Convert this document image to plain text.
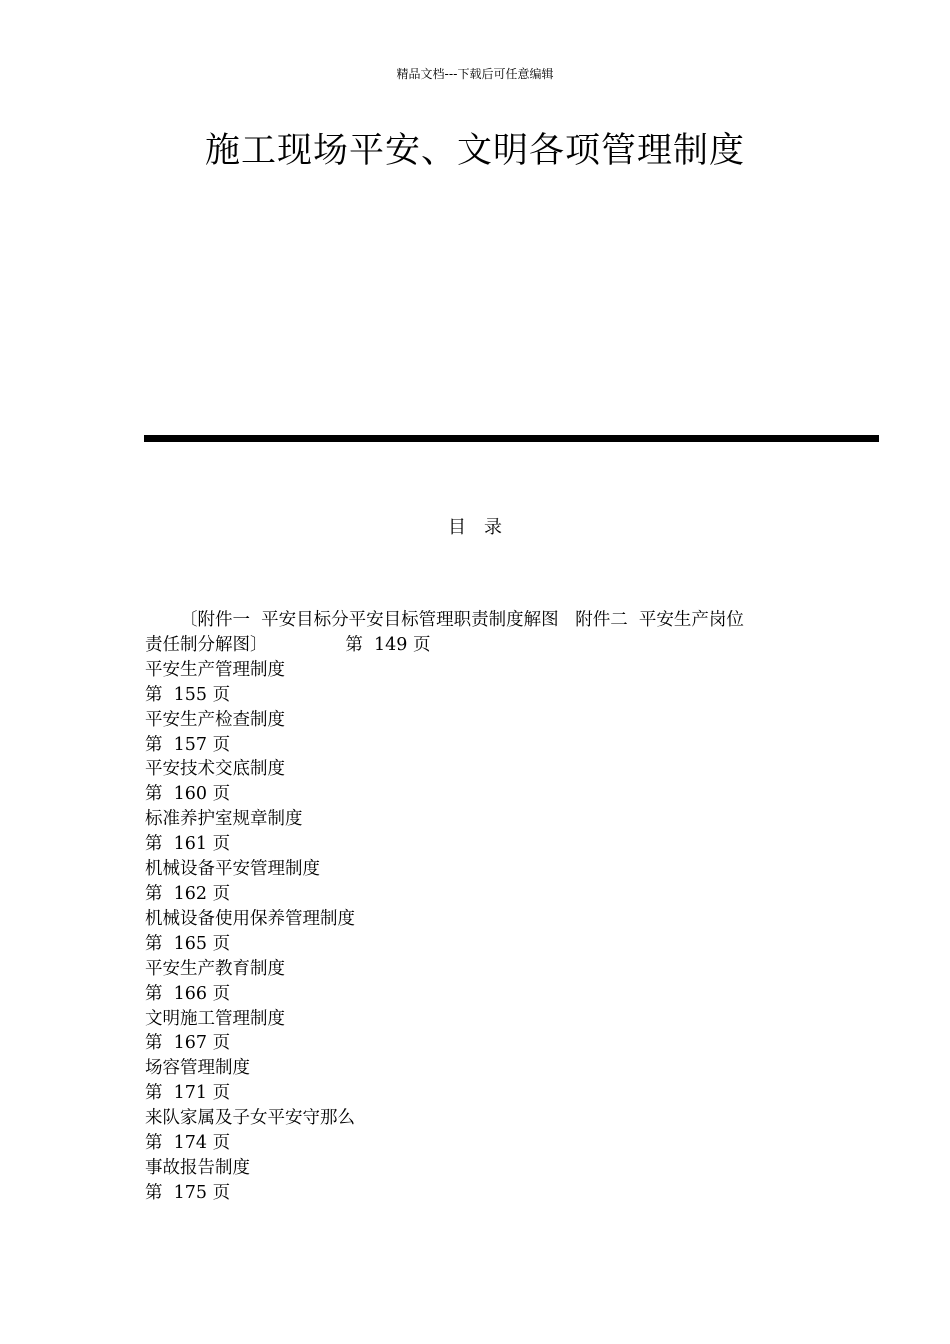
精品文档---下载后可任意编辑
施工现场平安、文明各项管理制度
目　录
〔附件一  平安目标分平安目标管理职责制度解图   附件二  平安生产岗位
责任制分解图〕              第  149 页
平安生产管理制度
第  155 页
平安生产检查制度
第  157 页
平安技术交底制度
第  160 页
标准养护室规章制度
第  161 页
机械设备平安管理制度
第  162 页
机械设备使用保养管理制度
第  165 页
平安生产教育制度
第  166 页
文明施工管理制度
第  167 页
场容管理制度
第  171 页
来队家属及子女平安守那么
第  174 页
事故报告制度
第  175 页
